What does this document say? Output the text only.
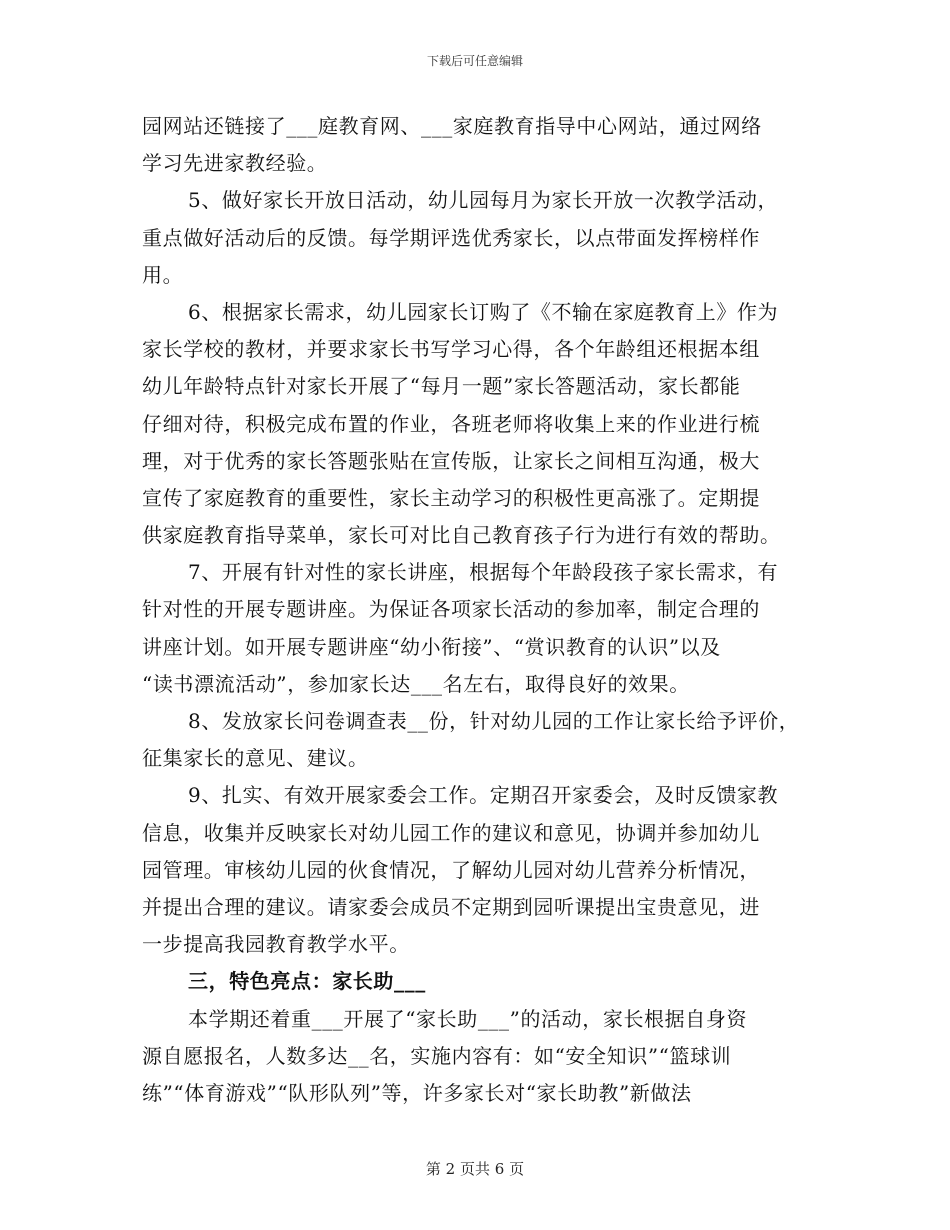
下载后可任意编辑
园网站还链接了___庭教育网、___家庭教育指导中心网站，通过网络
学习先进家教经验。
5、做好家长开放日活动，幼儿园每月为家长开放一次教学活动，
重点做好活动后的反馈。每学期评选优秀家长，以点带面发挥榜样作
用。
6、根据家长需求，幼儿园家长订购了《不输在家庭教育上》作为
家长学校的教材，并要求家长书写学习心得，各个年龄组还根据本组
幼儿年龄特点针对家长开展了“每月一题”家长答题活动，家长都能
仔细对待，积极完成布置的作业，各班老师将收集上来的作业进行梳
理，对于优秀的家长答题张贴在宣传版，让家长之间相互沟通，极大
宣传了家庭教育的重要性，家长主动学习的积极性更高涨了。定期提
供家庭教育指导菜单，家长可对比自己教育孩子行为进行有效的帮助。
7、开展有针对性的家长讲座，根据每个年龄段孩子家长需求，有
针对性的开展专题讲座。为保证各项家长活动的参加率，制定合理的
讲座计划。如开展专题讲座“幼小衔接”、“赏识教育的认识”以及
“读书漂流活动”，参加家长达___名左右，取得良好的效果。
8、发放家长问卷调查表__份，针对幼儿园的工作让家长给予评价，
征集家长的意见、建议。
9、扎实、有效开展家委会工作。定期召开家委会，及时反馈家教
信息，收集并反映家长对幼儿园工作的建议和意见，协调并参加幼儿
园管理。审核幼儿园的伙食情况，了解幼儿园对幼儿营养分析情况，
并提出合理的建议。请家委会成员不定期到园听课提出宝贵意见，进
一步提高我园教育教学水平。
三，特色亮点：家长助___
本学期还着重___开展了“家长助___”的活动，家长根据自身资
源自愿报名，人数多达__名，实施内容有：如“安全知识”“篮球训
练”“体育游戏”“队形队列”等，许多家长对“家长助教”新做法
第 2 页共 6 页
